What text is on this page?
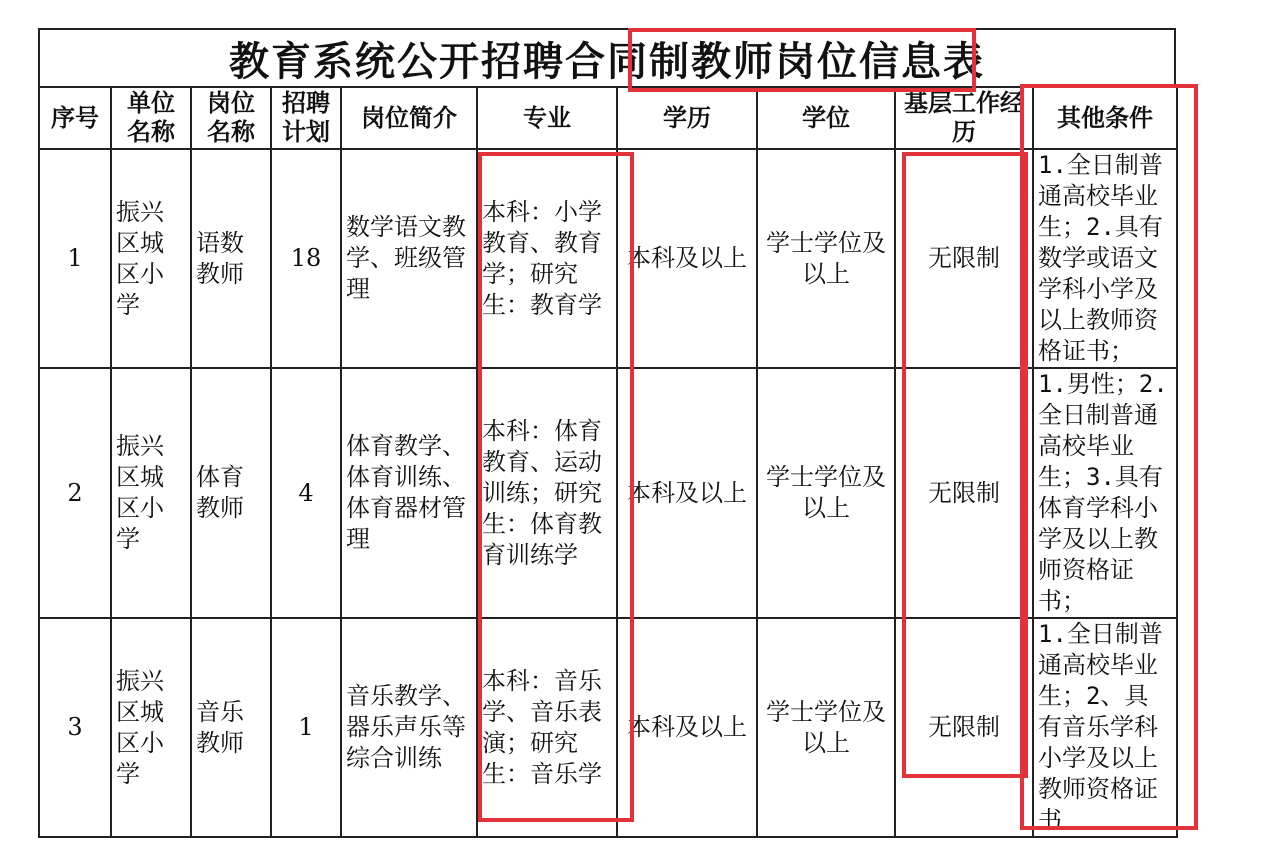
教育系统公开招聘合同制教师岗位信息表
序号	单位名称	岗位名称	招聘计划	岗位简介	专业	学历	学位	基层工作经历	其他条件
1	振兴区城区小学	语数教师	18	数学语文教学、班级管理	本科：小学教育、教育学；研究生：教育学	本科及以上	学士学位及以上	无限制	1.全日制普通高校毕业生；2.具有数学或语文学科小学及以上教师资格证书；
2	振兴区城区小学	体育教师	4	体育教学、体育训练、体育器材管理	本科：体育教育、运动训练；研究生：体育教育训练学	本科及以上	学士学位及以上	无限制	1.男性；2.全日制普通高校毕业生；3.具有体育学科小学及以上教师资格证书；
3	振兴区城区小学	音乐教师	1	音乐教学、器乐声乐等综合训练	本科：音乐学、音乐表演；研究生：音乐学	本科及以上	学士学位及以上	无限制	1.全日制普通高校毕业生；2、具有音乐学科小学及以上教师资格证书
